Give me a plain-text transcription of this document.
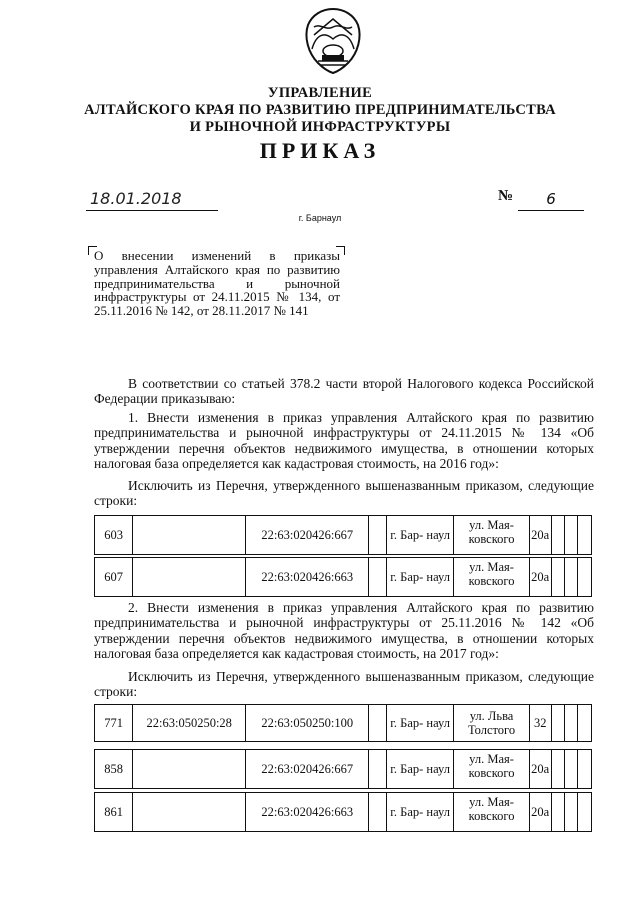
УПРАВЛЕНИЕ
АЛТАЙСКОГО КРАЯ ПО РАЗВИТИЮ ПРЕДПРИНИМАТЕЛЬСТВА
И РЫНОЧНОЙ ИНФРАСТРУКТУРЫ
ПРИКАЗ
18.01.2018	№	6
г. Барнаул
О внесении изменений в приказы управления Алтайского края по развитию предпринимательства и рыночной инфраструктуры от 24.11.2015 № 134, от 25.11.2016 № 142, от 28.11.2017 № 141
В соответствии со статьей 378.2 части второй Налогового кодекса Российской Федерации приказываю:
1. Внести изменения в приказ управления Алтайского края по развитию предпринимательства и рыночной инфраструктуры от 24.11.2015 № 134 «Об утверждении перечня объектов недвижимого имущества, в отношении которых налоговая база определяется как кадастровая стоимость, на 2016 год»:
Исключить из Перечня, утвержденного вышеназванным приказом, следующие строки:
603		22:63:020426:667		г. Бар- наул	ул. Мая- ковского	20а			
607		22:63:020426:663		г. Бар- наул	ул. Мая- ковского	20а			
2. Внести изменения в приказ управления Алтайского края по развитию предпринимательства и рыночной инфраструктуры от 25.11.2016 № 142 «Об утверждении перечня объектов недвижимого имущества, в отношении которых налоговая база определяется как кадастровая стоимость, на 2017 год»:
Исключить из Перечня, утвержденного вышеназванным приказом, следующие строки:
771	22:63:050250:28	22:63:050250:100		г. Бар- наул	ул. Льва Толстого	32			
858		22:63:020426:667		г. Бар- наул	ул. Мая- ковского	20а			
861		22:63:020426:663		г. Бар- наул	ул. Мая- ковского	20а			
